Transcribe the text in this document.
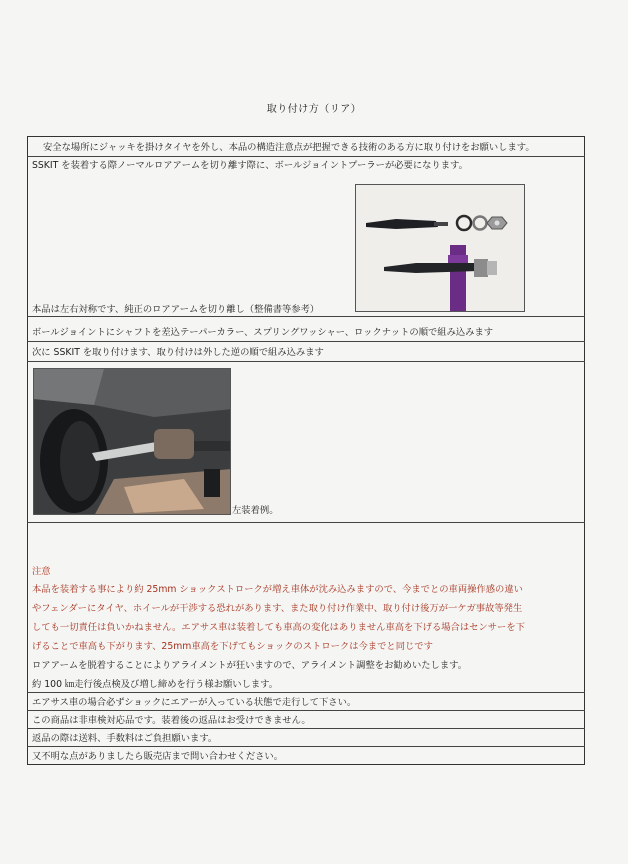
取り付け方（リア）
安全な場所にジャッキを掛けタイヤを外し、本品の構造注意点が把握できる技術のある方に取り付けをお願いします。
SSKIT を装着する際ノーマルロアアームを切り離す際に、ボールジョイントプーラーが必要になります。
本品は左右対称です、純正のロアアームを切り離し（整備書等参考）
ボールジョイントにシャフトを差込テーパーカラー、スプリングワッシャー、ロックナットの順で組み込みます
次に SSKIT を取り付けます、取り付けは外した逆の順で組み込みます
左装着例。
注意
本品を装着する事により約 25mm ショックストロークが増え車体が沈み込みますので、今までとの車両操作感の違い
やフェンダーにタイヤ、ホイールが干渉する恐れがあります、また取り付け作業中、取り付け後万が一ケガ事故等発生
しても一切責任は負いかねません。エアサス車は装着しても車高の変化はありません車高を下げる場合はセンサーを下
げることで車高も下がります、25mm車高を下げてもショックのストロークは今までと同じです
ロアアームを脱着することによりアライメントが狂いますので、アライメント調整をお勧めいたします。
約 100 ㎞走行後点検及び増し締めを行う様お願いします。
エアサス車の場合必ずショックにエアーが入っている状態で走行して下さい。
この商品は非車検対応品です。装着後の返品はお受けできません。
返品の際は送料、手数料はご負担願います。
又不明な点がありましたら販売店まで問い合わせください。
